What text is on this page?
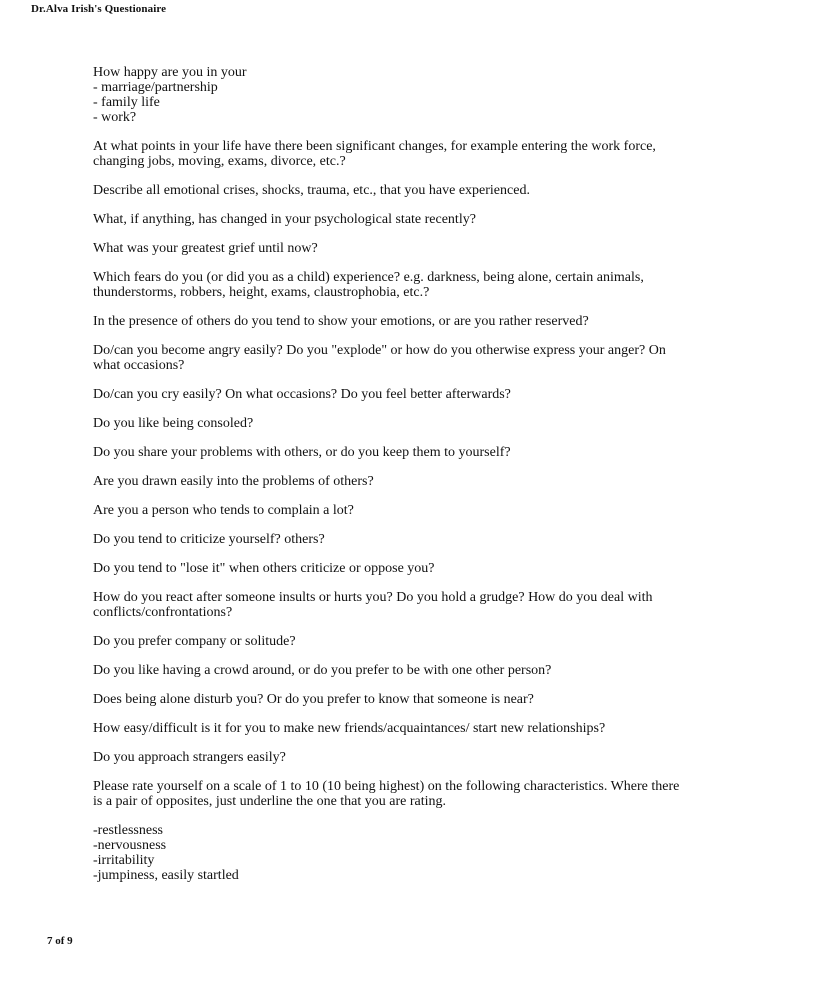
Dr.Alva Irish's Questionaire

How happy are you in your
- marriage/partnership
- family life
- work?

At what points in your life have there been significant changes, for example entering the work force,
changing jobs, moving, exams, divorce, etc.?

Describe all emotional crises, shocks, trauma, etc., that you have experienced.

What, if anything, has changed in your psychological state recently?

What was your greatest grief until now?

Which fears do you (or did you as a child) experience? e.g. darkness, being alone, certain animals,
thunderstorms, robbers, height, exams, claustrophobia, etc.?

In the presence of others do you tend to show your emotions, or are you rather reserved?

Do/can you become angry easily? Do you "explode" or how do you otherwise express your anger? On
what occasions?

Do/can you cry easily? On what occasions? Do you feel better afterwards?

Do you like being consoled?

Do you share your problems with others, or do you keep them to yourself?

Are you drawn easily into the problems of others?

Are you a person who tends to complain a lot?

Do you tend to criticize yourself? others?

Do you tend to "lose it" when others criticize or oppose you?

How do you react after someone insults or hurts you? Do you hold a grudge? How do you deal with
conflicts/confrontations?

Do you prefer company or solitude?

Do you like having a crowd around, or do you prefer to be with one other person?

Does being alone disturb you? Or do you prefer to know that someone is near?

How easy/difficult is it for you to make new friends/acquaintances/ start new relationships?

Do you approach strangers easily?

Please rate yourself on a scale of 1 to 10 (10 being highest) on the following characteristics. Where there
is a pair of opposites, just underline the one that you are rating.

-restlessness
-nervousness
-irritability
-jumpiness, easily startled

7 of 9
